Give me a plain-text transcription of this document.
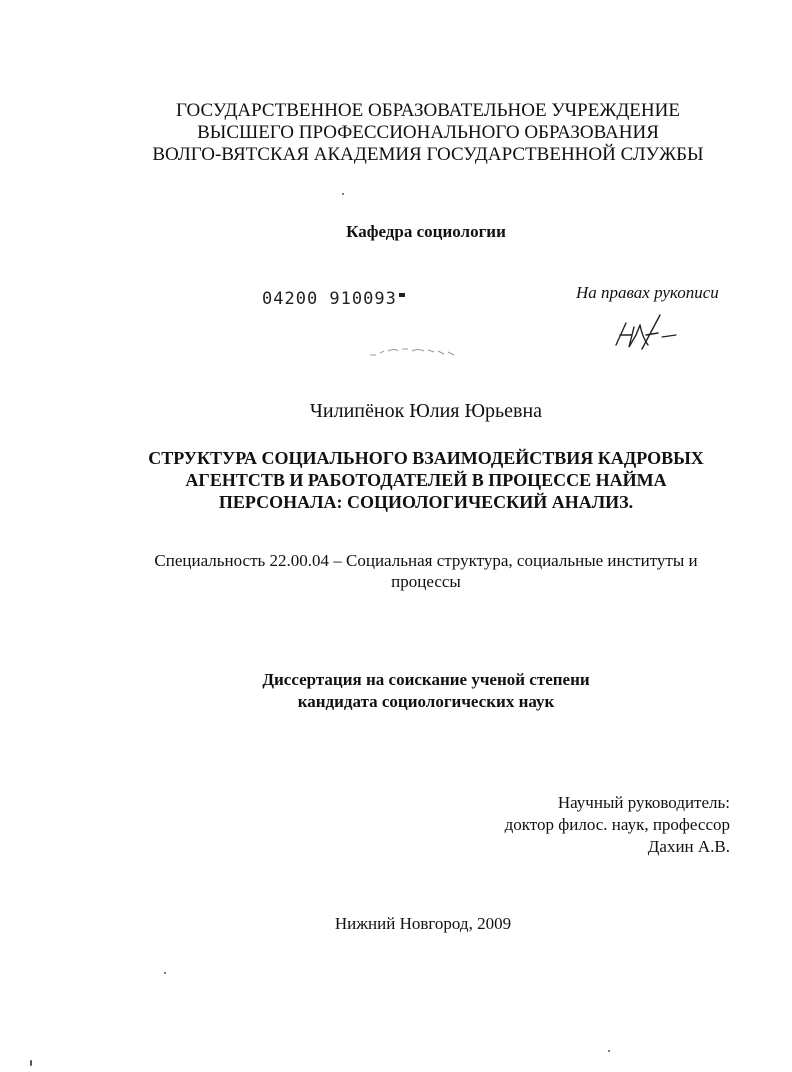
ГОСУДАРСТВЕННОЕ ОБРАЗОВАТЕЛЬНОЕ УЧРЕЖДЕНИЕ
ВЫСШЕГО ПРОФЕССИОНАЛЬНОГО ОБРАЗОВАНИЯ
ВОЛГО-ВЯТСКАЯ АКАДЕМИЯ ГОСУДАРСТВЕННОЙ СЛУЖБЫ
Кафедра социологии
04200 910093	На правах рукописи
Чилипёнок Юлия Юрьевна
СТРУКТУРА СОЦИАЛЬНОГО ВЗАИМОДЕЙСТВИЯ КАДРОВЫХ
АГЕНТСТВ И РАБОТОДАТЕЛЕЙ В ПРОЦЕССЕ НАЙМА
ПЕРСОНАЛА: СОЦИОЛОГИЧЕСКИЙ АНАЛИЗ.
Специальность 22.00.04 – Социальная структура, социальные институты и
процессы
Диссертация на соискание ученой степени
кандидата социологических наук
Научный руководитель:
доктор филос. наук, профессор
Дахин А.В.
Нижний Новгород, 2009
